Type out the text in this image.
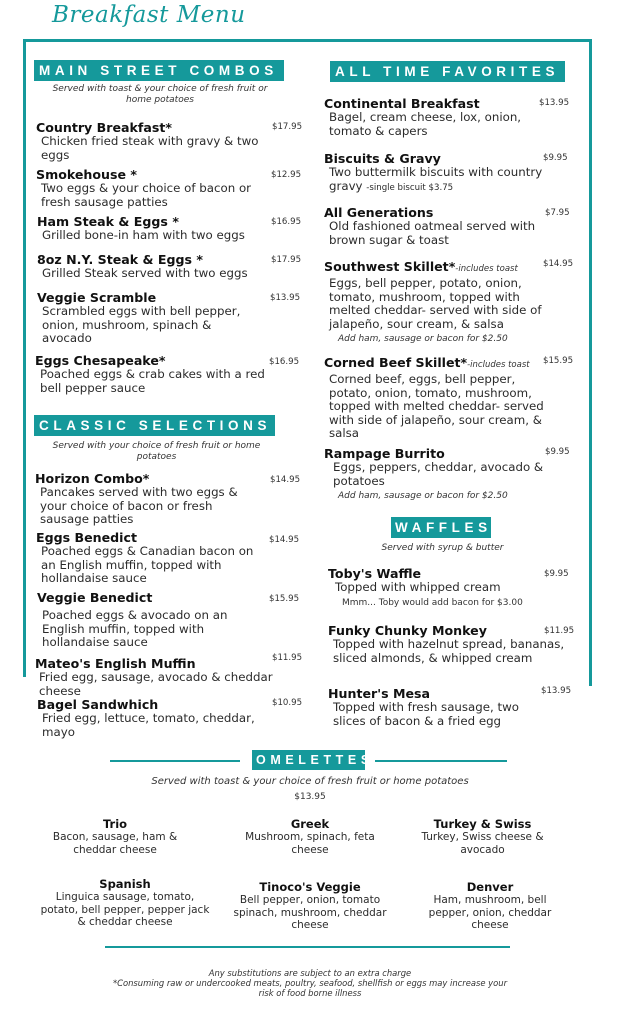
Breakfast Menu
MAIN STREET COMBOS
Served with toast & your choice of fresh fruit or home potatoes
Country Breakfast*
Chicken fried steak with gravy & two eggs
$17.95
Smokehouse *
Two eggs & your choice of bacon or fresh sausage patties
$12.95
Ham Steak & Eggs *
Grilled bone-in ham with two eggs
$16.95
8oz N.Y. Steak & Eggs *
Grilled Steak served with two eggs
$17.95
Veggie Scramble
Scrambled eggs with bell pepper, onion, mushroom, spinach & avocado
$13.95
Eggs Chesapeake*
Poached eggs & crab cakes with a red bell pepper sauce
$16.95
CLASSIC SELECTIONS
Served with your choice of fresh fruit or home potatoes
Horizon Combo*
Pancakes served with two eggs & your choice of bacon or fresh sausage patties
$14.95
Eggs Benedict
Poached eggs & Canadian bacon on an English muffin, topped with hollandaise sauce
$14.95
Veggie Benedict
Poached eggs & avocado on an English muffin, topped with hollandaise sauce
$15.95
Mateo's English Muffin
Fried egg, sausage, avocado & cheddar cheese
$11.95
Bagel Sandwhich
Fried egg, lettuce, tomato, cheddar, mayo
$10.95
ALL TIME FAVORITES
Continental Breakfast
Bagel, cream cheese, lox, onion, tomato & capers
$13.95
Biscuits & Gravy
Two buttermilk biscuits with country gravy -single biscuit $3.75
$9.95
All Generations
Old fashioned oatmeal served with brown sugar & toast
$7.95
Southwest Skillet*-includes toast
Eggs, bell pepper, potato, onion, tomato, mushroom, topped with melted cheddar- served with side of jalapeño, sour cream, & salsa
Add ham, sausage or bacon for $2.50
$14.95
Corned Beef Skillet*-includes toast
Corned beef, eggs, bell pepper, potato, onion, tomato, mushroom, topped with melted cheddar- served with side of jalapeño, sour cream, & salsa
$15.95
Rampage Burrito
Eggs, peppers, cheddar, avocado & potatoes
Add ham, sausage or bacon for $2.50
$9.95
WAFFLES
Served with syrup & butter
Toby's Waffle
Topped with whipped cream
Mmm... Toby would add bacon for $3.00
$9.95
Funky Chunky Monkey
Topped with hazelnut spread, bananas, sliced almonds, & whipped cream
$11.95
Hunter's Mesa
Topped with fresh sausage, two slices of bacon & a fried egg
$13.95
OMELETTES
Served with toast & your choice of fresh fruit or home potatoes
$13.95
Trio
Bacon, sausage, ham & cheddar cheese
Greek
Mushroom, spinach, feta cheese
Turkey & Swiss
Turkey, Swiss cheese & avocado
Spanish
Linguica sausage, tomato, potato, bell pepper, pepper jack & cheddar cheese
Tinoco's Veggie
Bell pepper, onion, tomato spinach, mushroom, cheddar cheese
Denver
Ham, mushroom, bell pepper, onion, cheddar cheese
Any substitutions are subject to an extra charge
*Consuming raw or undercooked meats, poultry, seafood, shellfish or eggs may increase your risk of food borne illness
